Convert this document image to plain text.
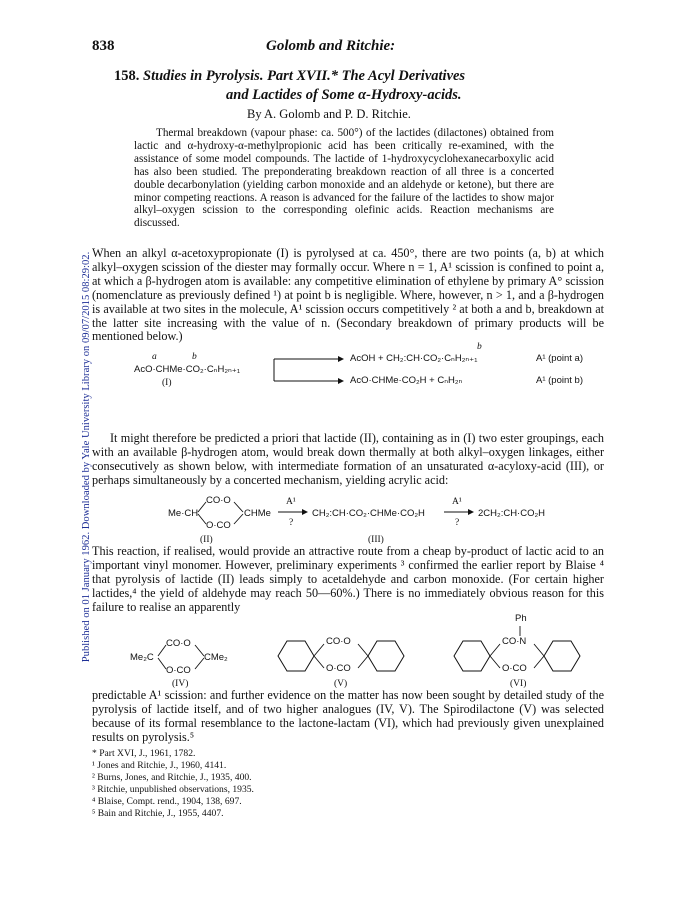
Published on 01 January 1962. Downloaded by Yale University Library on 09/07/2015 08:29:02.
838	Golomb and Ritchie:
158. Studies in Pyrolysis. Part XVII.* The Acyl Derivatives
and Lactides of Some α-Hydroxy-acids.
By A. Golomb and P. D. Ritchie.
Thermal breakdown (vapour phase: ca. 500°) of the lactides (dilactones) obtained from lactic and α-hydroxy-α-methylpropionic acid has been critically re-examined, with the assistance of some model compounds. The lactide of 1-hydroxycyclohexanecarboxylic acid has also been studied. The preponderating breakdown reaction of all three is a concerted double decarbonylation (yielding carbon monoxide and an aldehyde or ketone), but there are minor competing reactions. A reason is advanced for the failure of the lactides to show major alkyl–oxygen scission to the corresponding olefinic acids. Reaction mechanisms are discussed.
When an alkyl α-acetoxypropionate (I) is pyrolysed at ca. 450°, there are two points (a, b) at which alkyl–oxygen scission of the diester may formally occur. Where n = 1, A¹ scission is confined to point a, at which a β-hydrogen atom is available: any competitive elimination of ethylene by primary A° scission (nomenclature as previously defined ¹) at point b is negligible. Where, however, n > 1, and a β-hydrogen is available at two sites in the molecule, A¹ scission occurs competitively ² at both a and b, breakdown at the latter site increasing with the value of n. (Secondary breakdown of primary products will be mentioned below.)
a	b
AcO·CHMe·CO₂·CₙH₂ₙ₊₁
(I)
b
AcOH + CH₂:CH·CO₂·CₙH₂ₙ₊₁	A¹ (point a)
AcO·CHMe·CO₂H + CₙH₂ₙ	A¹ (point b)
It might therefore be predicted a priori that lactide (II), containing as in (I) two ester groupings, each with an available β-hydrogen atom, would break down thermally at both alkyl–oxygen linkages, either consecutively as shown below, with intermediate formation of an unsaturated α-acyloxy-acid (III), or perhaps simultaneously by a concerted mechanism, yielding acrylic acid:
Me·CH
CO·O
O·CO
CHMe
(II)
A¹
?
CH₂:CH·CO₂·CHMe·CO₂H
(III)
A¹
?
2CH₂:CH·CO₂H
This reaction, if realised, would provide an attractive route from a cheap by-product of lactic acid to an important vinyl monomer. However, preliminary experiments ³ confirmed the earlier report by Blaise ⁴ that pyrolysis of lactide (II) leads simply to acetaldehyde and carbon monoxide. (For certain higher lactides,⁴ the yield of aldehyde may reach 50—60%.) There is no immediately obvious reason for this failure to realise an apparently
Me₂C
CO·O
O·CO
CMe₂
(IV)
CO·O
O·CO
(V)
Ph
CO·N
O·CO
(VI)
predictable A¹ scission: and further evidence on the matter has now been sought by detailed study of the pyrolysis of lactide itself, and of two higher analogues (IV, V). The Spirodilactone (V) was selected because of its formal resemblance to the lactone-lactam (VI), which had previously given unexplained results on pyrolysis.⁵
* Part XVI, J., 1961, 1782.
¹ Jones and Ritchie, J., 1960, 4141.
² Burns, Jones, and Ritchie, J., 1935, 400.
³ Ritchie, unpublished observations, 1935.
⁴ Blaise, Compt. rend., 1904, 138, 697.
⁵ Bain and Ritchie, J., 1955, 4407.
